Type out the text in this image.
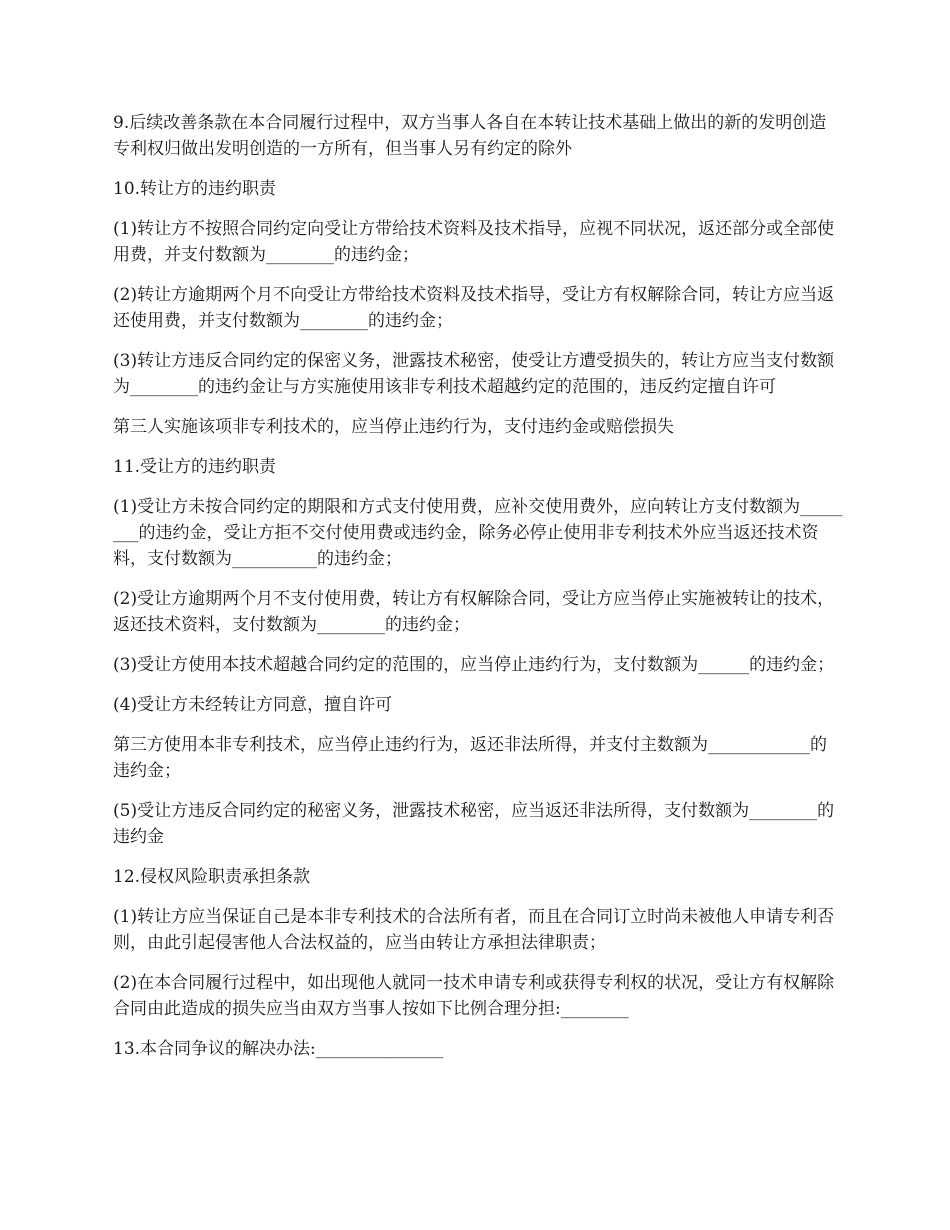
9.后续改善条款在本合同履行过程中，双方当事人各自在本转让技术基础上做出的新的发明创造专利权归做出发明创造的一方所有，但当事人另有约定的除外

10.转让方的违约职责

(1)转让方不按照合同约定向受让方带给技术资料及技术指导，应视不同状况，返还部分或全部使用费，并支付数额为________的违约金；

(2)转让方逾期两个月不向受让方带给技术资料及技术指导，受让方有权解除合同，转让方应当返还使用费，并支付数额为________的违约金；

(3)转让方违反合同约定的保密义务，泄露技术秘密，使受让方遭受损失的，转让方应当支付数额为________的违约金让与方实施使用该非专利技术超越约定的范围的，违反约定擅自许可

第三人实施该项非专利技术的，应当停止违约行为，支付违约金或赔偿损失

11.受让方的违约职责

(1)受让方未按合同约定的期限和方式支付使用费，应补交使用费外，应向转让方支付数额为________的违约金，受让方拒不交付使用费或违约金，除务必停止使用非专利技术外应当返还技术资料，支付数额为__________的违约金；

(2)受让方逾期两个月不支付使用费，转让方有权解除合同，受让方应当停止实施被转让的技术，返还技术资料，支付数额为________的违约金；

(3)受让方使用本技术超越合同约定的范围的，应当停止违约行为，支付数额为______的违约金；

(4)受让方未经转让方同意，擅自许可

第三方使用本非专利技术，应当停止违约行为，返还非法所得，并支付主数额为____________的违约金；

(5)受让方违反合同约定的秘密义务，泄露技术秘密，应当返还非法所得，支付数额为________的违约金

12.侵权风险职责承担条款

(1)转让方应当保证自己是本非专利技术的合法所有者，而且在合同订立时尚未被他人申请专利否则，由此引起侵害他人合法权益的，应当由转让方承担法律职责；

(2)在本合同履行过程中，如出现他人就同一技术申请专利或获得专利权的状况，受让方有权解除合同由此造成的损失应当由双方当事人按如下比例合理分担:________

13.本合同争议的解决办法:_______________
